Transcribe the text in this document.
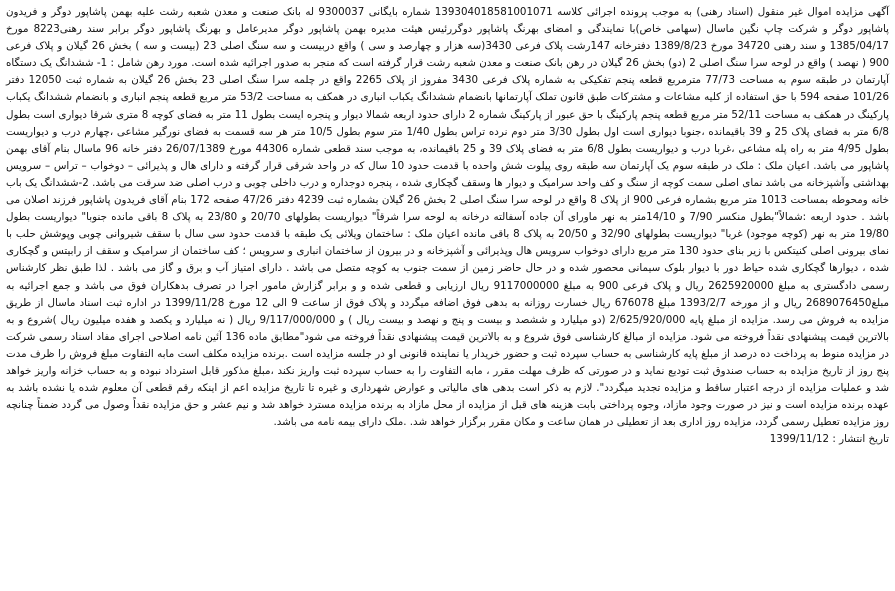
آگهی مزایده اموال غیر منقول (اسناد رهنی) به موجب پرونده اجرائی کلاسه 139304018581001071 شماره بایگانی 9300037 له بانک صنعت و معدن شعبه رشت علیه بهمن پاشاپور دوگر و فریدون پاشاپور دوگر و شرکت چاپ نگین ماسال (سهامی خاص)با نمایندگی و امضای بهرنگ پاشاپور دوگررئیس هیئت مدیره بهمن پاشاپور دوگر مدیرعامل و بهرنگ پاشاپور دوگر برابر سند رهنی8223 مورخ 1385/04/17 و سند رهنی 34720 مورخ 1389/8/23 دفترخانه 147رشت پلاک فرعی 3430(سه هزار و چهارصد و سی ) واقع دربیست و سه سنگ اصلی 23 (بیست و سه ) بخش 26 گیلان و پلاک فرعی 900 ( نهصد ) واقع در لوحه سرا سنگ اصلی 2 (دو) بخش 26 گیلان در رهن بانک صنعت و معدن شعبه رشت قرار گرفته است که منجر به صدور اجرائیه شده است. مورد رهن شامل : 1- ششدانگ یک دستگاه آپارتمان در طبقه سوم به مساحت 77/73 مترمربع قطعه پنجم تفکیکی به شماره پلاک فرعی 3430 مفروز از پلاک 2265 واقع در چلمه سرا سنگ اصلی 23 بخش 26 گیلان به شماره ثبت 12050 دفتر 101/26 صفحه 594 با حق استفاده از کلیه مشاعات و مشترکات طبق قانون تملک آپارتمانها بانضمام ششدانگ یکباب انباری در همکف به مساحت 53/2 متر مربع قطعه پنجم انباری و بانضمام ششدانگ یکباب پارکینگ در همکف به مساحت 52/11 متر مربع قطعه پنجم پارکینگ با حق عبور از پارکینگ شماره 2 دارای حدود اربعه شمالا دیوار و پنجره ایست بطول 11 متر به فضای کوچه 8 متری شرقا دیواری است بطول 6/8 متر به فضای پلاک 25 و 39 باقیمانده ،جنوبا دیواری است اول بطول 3/30 متر دوم نرده تراس بطول 1/40 متر سوم بطول 10/5 متر هر سه قسمت به فضای نورگیر مشاعی ،چهارم درب و دیواریست بطول 4/95 متر به راه پله مشاعی ،غربا درب و دیواریست بطول 6/8 متر به فضای پلاک 39 و 25 باقیمانده، به موجب سند قطعی شماره 44306 مورخ 26/07/1389 دفتر خانه 96 ماسال بنام آقای بهمن پاشاپور می باشد. اعیان ملک : ملک در طبقه سوم یک آپارتمان سه طبقه روی پیلوت شش واحده با قدمت حدود 10 سال که در واحد شرقی قرار گرفته و دارای هال و پذیرائی – دوخواب – تراس – سرویس بهداشتی وآشپزخانه می باشد نمای اصلی سمت کوچه از سنگ و کف واحد سرامیک و دیوار ها وسقف گچکاری شده ، پنجره دوجداره و درب داخلی چوبی و درب اصلی ضد سرقت می باشد. 2-ششدانگ یک باب خانه ومحوطه بمساحت 1013 متر مربع بشماره فرعی 900 از پلاک 8 واقع در لوحه سرا سنگ اصلی 2 بخش 26 گیلان بشماره ثبت 4239 دفتر 47/26 صفحه 172 بنام آقای فریدون پاشاپور فرزند اصلان می باشد . حدود اربعه :شمالاً"بطول منکسر 7/90 و 14/10متر به نهر ماورای آن جاده آسفالته درخانه به لوحه سرا شرقاً" دیواریست بطولهای 20/70 و 23/80 به پلاک 8 باقی مانده جنوبا" دیواریست بطول 19/80 متر به نهر (کوچه موجود) غربا" دیواریست بطولهای 32/90 و 20/50 به پلاک 8 باقی مانده اعیان ملک : ساختمان ویلائی یک طبقه با قدمت حدود سی سال با سقف شیروانی چوبی وپوشش حلب با نمای بیرونی اصلی کنیتکس با زیر بنای حدود 130 متر مربع دارای دوخواب سرویس هال وپذیرائی و آشپزخانه و در بیرون از ساختمان انباری و سرویس ؛ کف ساختمان از سرامیک و سقف از رابیتس و گچکاری شده ، دیوارها گچکاری شده حیاط دور با دیوار بلوک سیمانی محصور شده و در حال حاضر زمین از سمت جنوب به کوچه متصل می باشد . دارای امتیاز آب و برق و گاز می باشد . لذا طبق نظر کارشناس رسمی دادگستری به مبلغ 2625920000 ریال و پلاک فرعی 900 به مبلغ 9117000000 ریال ارزیابی و قطعی شده و و برابر گزارش مامور اجرا در تصرف بدهکاران فوق می باشد و جمع اجرائیه به مبلغ2689076450 ریال و از مورخه 1393/2/7 مبلغ 676078 ریال خسارت روزانه به بدهی فوق اضافه میگردد و پلاک فوق از ساعت 9 الی 12 مورخ 1399/11/28 در اداره ثبت اسناد ماسال از طریق مزایده به فروش می رسد. مزایده از مبلغ پایه 2/625/920/000 (دو میلیارد و ششصد و بیست و پنج و نهصد و بیست ریال ) و 9/117/000/000 ریال ( نه میلیارد و یکصد و هفده میلیون ریال )شروع و به بالاترین قیمت پیشنهادی نقداً فروخته می شود. مزایده از مبالغ کارشناسی فوق شروع و به بالاترین قیمت پیشنهادی نقداً فروخته می شود"مطابق ماده 136 آئین نامه اصلاحی اجرای مفاد اسناد رسمی شرکت در مزایده منوط به پرداخت ده درصد از مبلغ پایه کارشناسی به حساب سپرده ثبت و حضور خریدار یا نماینده قانونی او در جلسه مزایده است .برنده مزایده مکلف است مابه التفاوت مبلغ فروش را ظرف مدت پنج روز از تاریخ مزایده به حساب صندوق ثبت تودیع نماید و در صورتی که ظرف مهلت مقرر ، مابه التفاوت را به حساب سپرده ثبت واریز نکند ،مبلغ مذکور قابل استرداد نبوده و به حساب خزانه واریز خواهد شد و عملیات مزایده از درجه اعتبار ساقط و مزایده تجدید میگردد". لازم به ذکر است بدهی های مالیاتی و عوارض شهرداری و غیره تا تاریخ مزایده اعم از اینکه رقم قطعی آن معلوم شده یا نشده باشد به عهده برنده مزایده است و نیز در صورت وجود مازاد، وجوه پرداختی بابت هزینه های قبل از مزایده از محل مازاد به برنده مزایده مسترد خواهد شد و نیم عشر و حق مزایده نقداً وصول می گردد ضمناً چنانچه روز مزایده تعطیل رسمی گردد، مزایده روز اداری بعد از تعطیلی در همان ساعت و مکان مقرر برگزار خواهد شد. .ملک دارای بیمه نامه می باشد.

تاریخ انتشار : 1399/11/12
